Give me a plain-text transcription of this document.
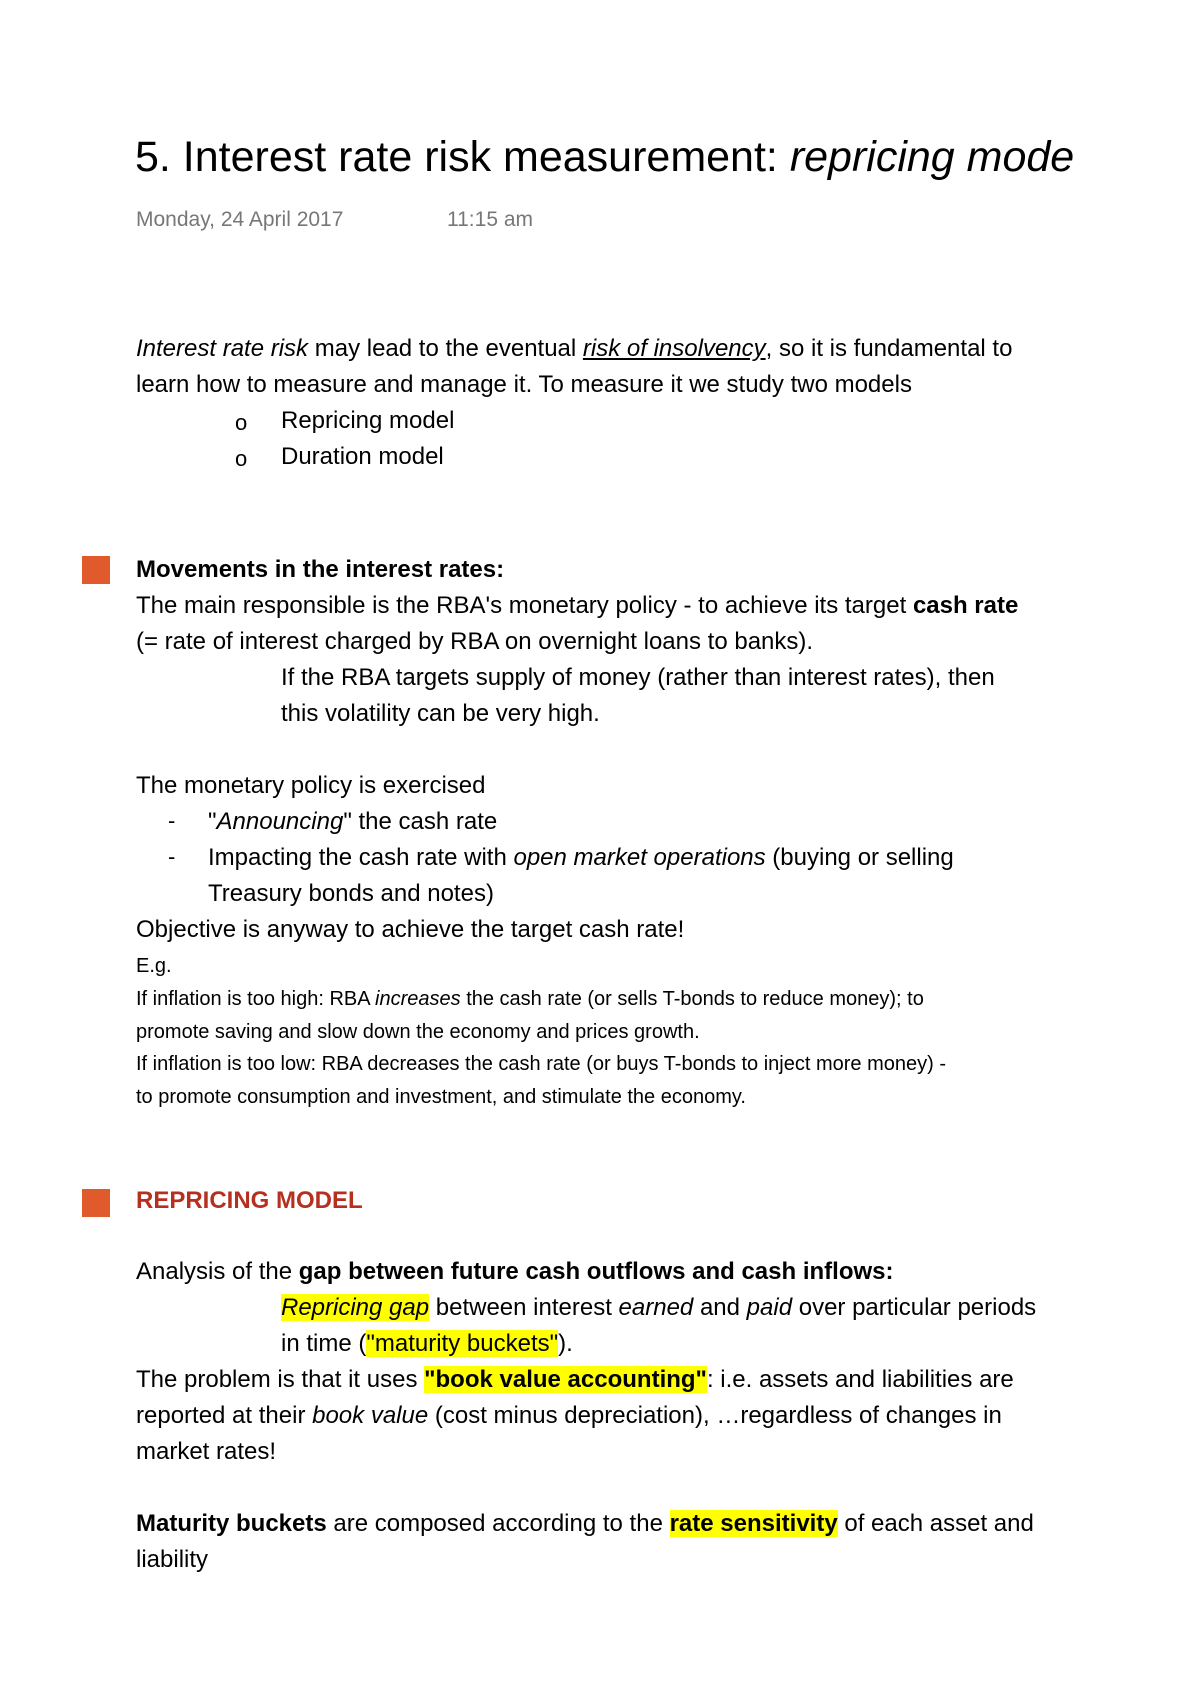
5. Interest rate risk measurement: repricing mode
Monday, 24 April 2017	11:15 am
Interest rate risk may lead to the eventual risk of insolvency, so it is fundamental to
learn how to measure and manage it. To measure it we study two models
o Repricing model
o Duration model
Movements in the interest rates:
The main responsible is the RBA's monetary policy - to achieve its target cash rate
(= rate of interest charged by RBA on overnight loans to banks).
If the RBA targets supply of money (rather than interest rates), then
this volatility can be very high.
The monetary policy is exercised
- "Announcing" the cash rate
- Impacting the cash rate with open market operations (buying or selling
Treasury bonds and notes)
Objective is anyway to achieve the target cash rate!
E.g.
If inflation is too high: RBA increases the cash rate (or sells T-bonds to reduce money); to
promote saving and slow down the economy and prices growth.
If inflation is too low: RBA decreases the cash rate (or buys T-bonds to inject more money) -
to promote consumption and investment, and stimulate the economy.
REPRICING MODEL
Analysis of the gap between future cash outflows and cash inflows:
Repricing gap between interest earned and paid over particular periods
in time ("maturity buckets").
The problem is that it uses "book value accounting": i.e. assets and liabilities are
reported at their book value (cost minus depreciation), …regardless of changes in
market rates!
Maturity buckets are composed according to the rate sensitivity of each asset and
liability
